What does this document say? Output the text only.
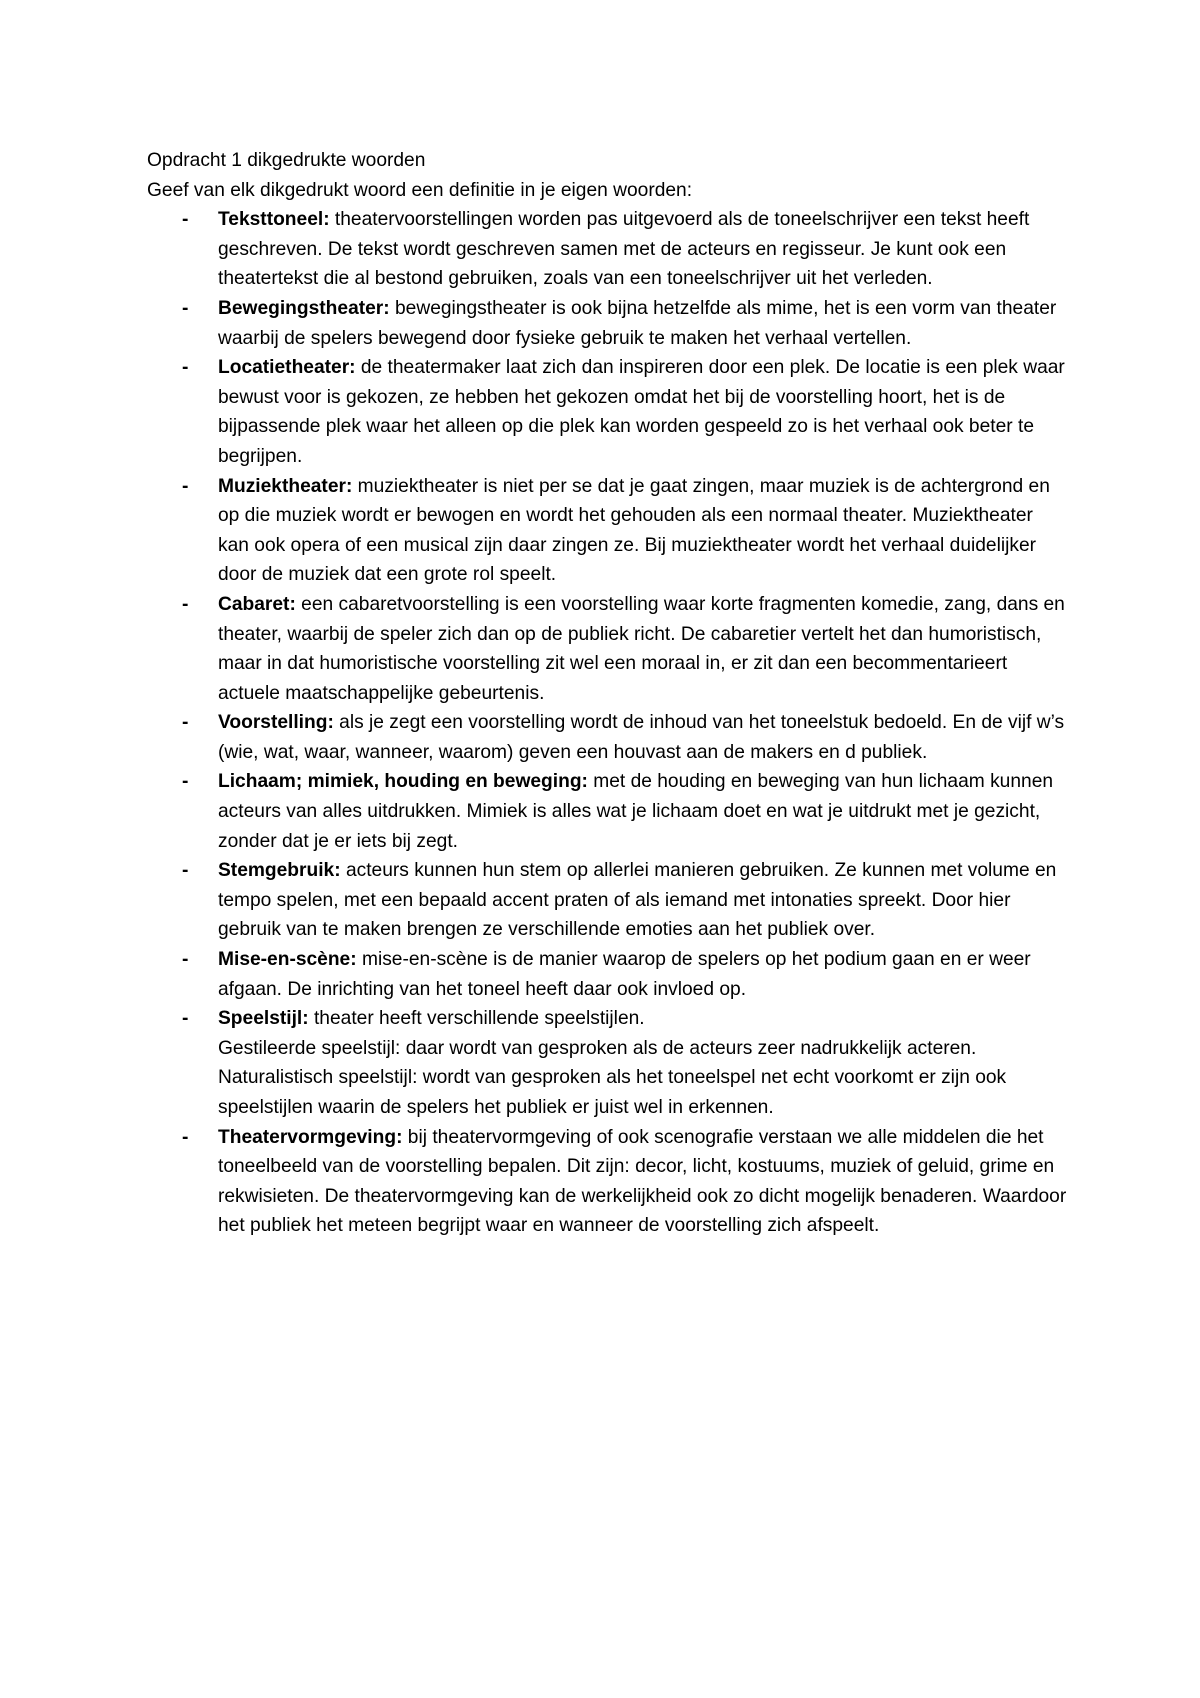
Opdracht 1 dikgedrukte woorden

Geef van elk dikgedrukt woord een definitie in je eigen woorden:

- Teksttoneel: theatervoorstellingen worden pas uitgevoerd als de toneelschrijver een tekst heeft geschreven. De tekst wordt geschreven samen met de acteurs en regisseur. Je kunt ook een theatertekst die al bestond gebruiken, zoals van een toneelschrijver uit het verleden.
- Bewegingstheater: bewegingstheater is ook bijna hetzelfde als mime, het is een vorm van theater waarbij de spelers bewegend door fysieke gebruik te maken het verhaal vertellen.
- Locatietheater: de theatermaker laat zich dan inspireren door een plek. De locatie is een plek waar bewust voor is gekozen, ze hebben het gekozen omdat het bij de voorstelling hoort, het is de bijpassende plek waar het alleen op die plek kan worden gespeeld zo is het verhaal ook beter te begrijpen.
- Muziektheater: muziektheater is niet per se dat je gaat zingen, maar muziek is de achtergrond en op die muziek wordt er bewogen en wordt het gehouden als een normaal theater. Muziektheater kan ook opera of een musical zijn daar zingen ze. Bij muziektheater wordt het verhaal duidelijker door de muziek dat een grote rol speelt.
- Cabaret: een cabaretvoorstelling is een voorstelling waar korte fragmenten komedie, zang, dans en theater, waarbij de speler zich dan op de publiek richt. De cabaretier vertelt het dan humoristisch, maar in dat humoristische voorstelling zit wel een moraal in, er zit dan een becommentarieert actuele maatschappelijke gebeurtenis.
- Voorstelling: als je zegt een voorstelling wordt de inhoud van het toneelstuk bedoeld. En de vijf w’s (wie, wat, waar, wanneer, waarom) geven een houvast aan de makers en d publiek.
- Lichaam; mimiek, houding en beweging: met de houding en beweging van hun lichaam kunnen acteurs van alles uitdrukken. Mimiek is alles wat je lichaam doet en wat je uitdrukt met je gezicht, zonder dat je er iets bij zegt.
- Stemgebruik: acteurs kunnen hun stem op allerlei manieren gebruiken. Ze kunnen met volume en tempo spelen, met een bepaald accent praten of als iemand met intonaties spreekt. Door hier gebruik van te maken brengen ze verschillende emoties aan het publiek over.
- Mise-en-scène: mise-en-scène is de manier waarop de spelers op het podium gaan en er weer afgaan. De inrichting van het toneel heeft daar ook invloed op.
- Speelstijl: theater heeft verschillende speelstijlen.
Gestileerde speelstijl: daar wordt van gesproken als de acteurs zeer nadrukkelijk acteren.
Naturalistisch speelstijl: wordt van gesproken als het toneelspel net echt voorkomt er zijn ook speelstijlen waarin de spelers het publiek er juist wel in erkennen.
- Theatervormgeving: bij theatervormgeving of ook scenografie verstaan we alle middelen die het toneelbeeld van de voorstelling bepalen. Dit zijn: decor, licht, kostuums, muziek of geluid, grime en rekwisieten. De theatervormgeving kan de werkelijkheid ook zo dicht mogelijk benaderen. Waardoor het publiek het meteen begrijpt waar en wanneer de voorstelling zich afspeelt.
